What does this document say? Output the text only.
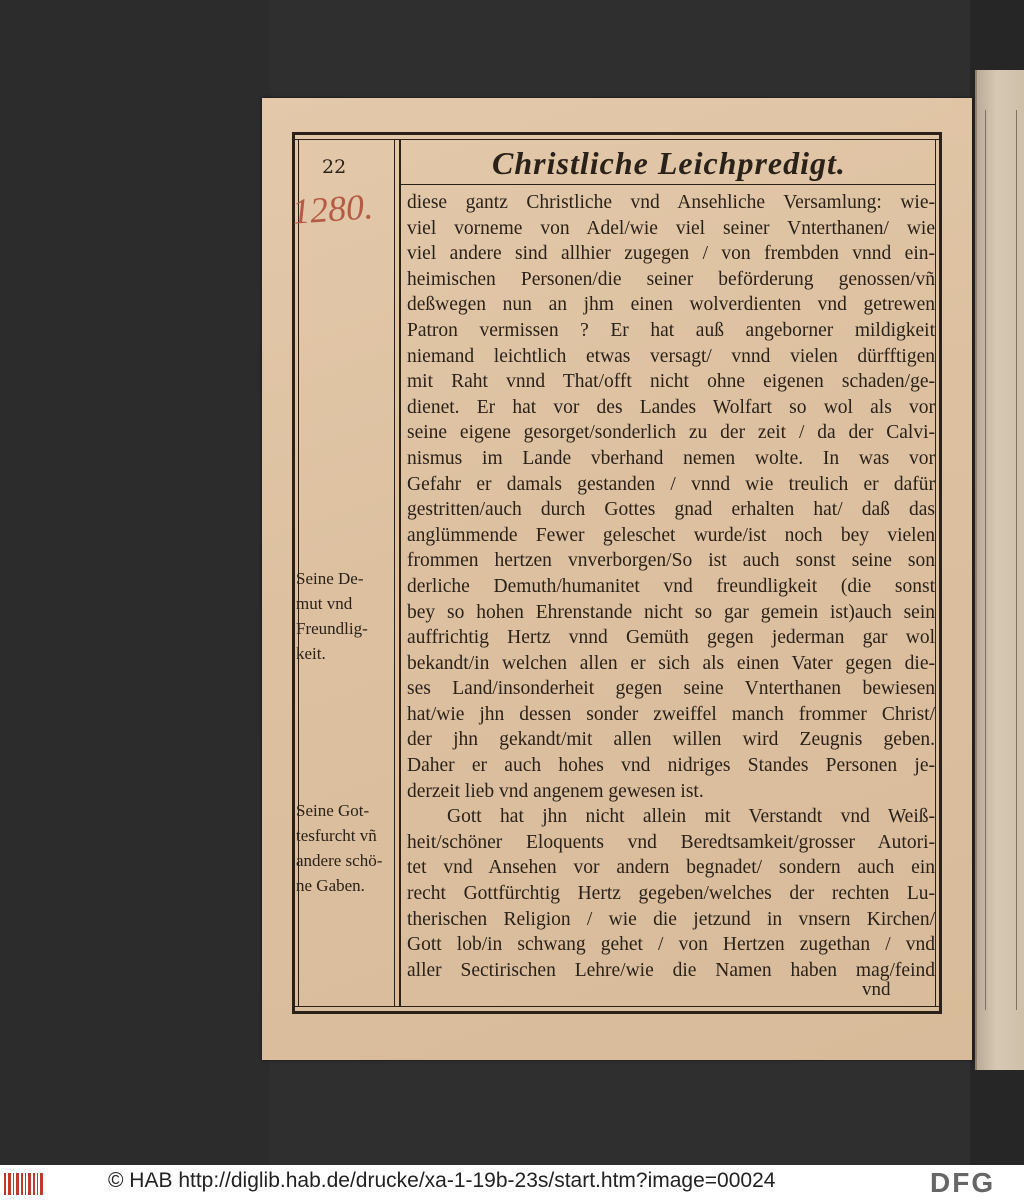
22	Christliche Leichpredigt.
1280.
Seine De-
mut vnd
Freundlig-
keit.
Seine Got-
tesfurcht vñ
andere schö-
ne Gaben.
diese gantz Christliche vnd Ansehliche Versamlung: wie-
viel vorneme von Adel/wie viel seiner Vnterthanen/ wie
viel andere sind allhier zugegen / von frembden vnnd ein-
heimischen Personen/die seiner beförderung genossen/vñ
deßwegen nun an jhm einen wolverdienten vnd getrewen
Patron vermissen ? Er hat auß angeborner mildigkeit
niemand leichtlich etwas versagt/ vnnd vielen dürfftigen
mit Raht vnnd That/offt nicht ohne eigenen schaden/ge-
dienet. Er hat vor des Landes Wolfart so wol als vor
seine eigene gesorget/sonderlich zu der zeit / da der Calvi-
nismus im Lande vberhand nemen wolte. In was vor
Gefahr er damals gestanden / vnnd wie treulich er dafür
gestritten/auch durch Gottes gnad erhalten hat/ daß das
anglümmende Fewer geleschet wurde/ist noch bey vielen
frommen hertzen vnverborgen/So ist auch sonst seine son
derliche Demuth/humanitet vnd freundligkeit (die sonst
bey so hohen Ehrenstande nicht so gar gemein ist)auch sein
auffrichtig Hertz vnnd Gemüth gegen jederman gar wol
bekandt/in welchen allen er sich als einen Vater gegen die-
ses Land/insonderheit gegen seine Vnterthanen bewiesen
hat/wie jhn dessen sonder zweiffel manch frommer Christ/
der jhn gekandt/mit allen willen wird Zeugnis geben.
Daher er auch hohes vnd nidriges Standes Personen je-
derzeit lieb vnd angenem gewesen ist.
Gott hat jhn nicht allein mit Verstandt vnd Weiß-
heit/schöner Eloquents vnd Beredtsamkeit/grosser Autori-
tet vnd Ansehen vor andern begnadet/ sondern auch ein
recht Gottfürchtig Hertz gegeben/welches der rechten Lu-
therischen Religion / wie die jetzund in vnsern Kirchen/
Gott lob/in schwang gehet / von Hertzen zugethan / vnd
aller Sectirischen Lehre/wie die Namen haben mag/feind
vnd
© HAB http://diglib.hab.de/drucke/xa-1-19b-23s/start.htm?image=00024	DFG
